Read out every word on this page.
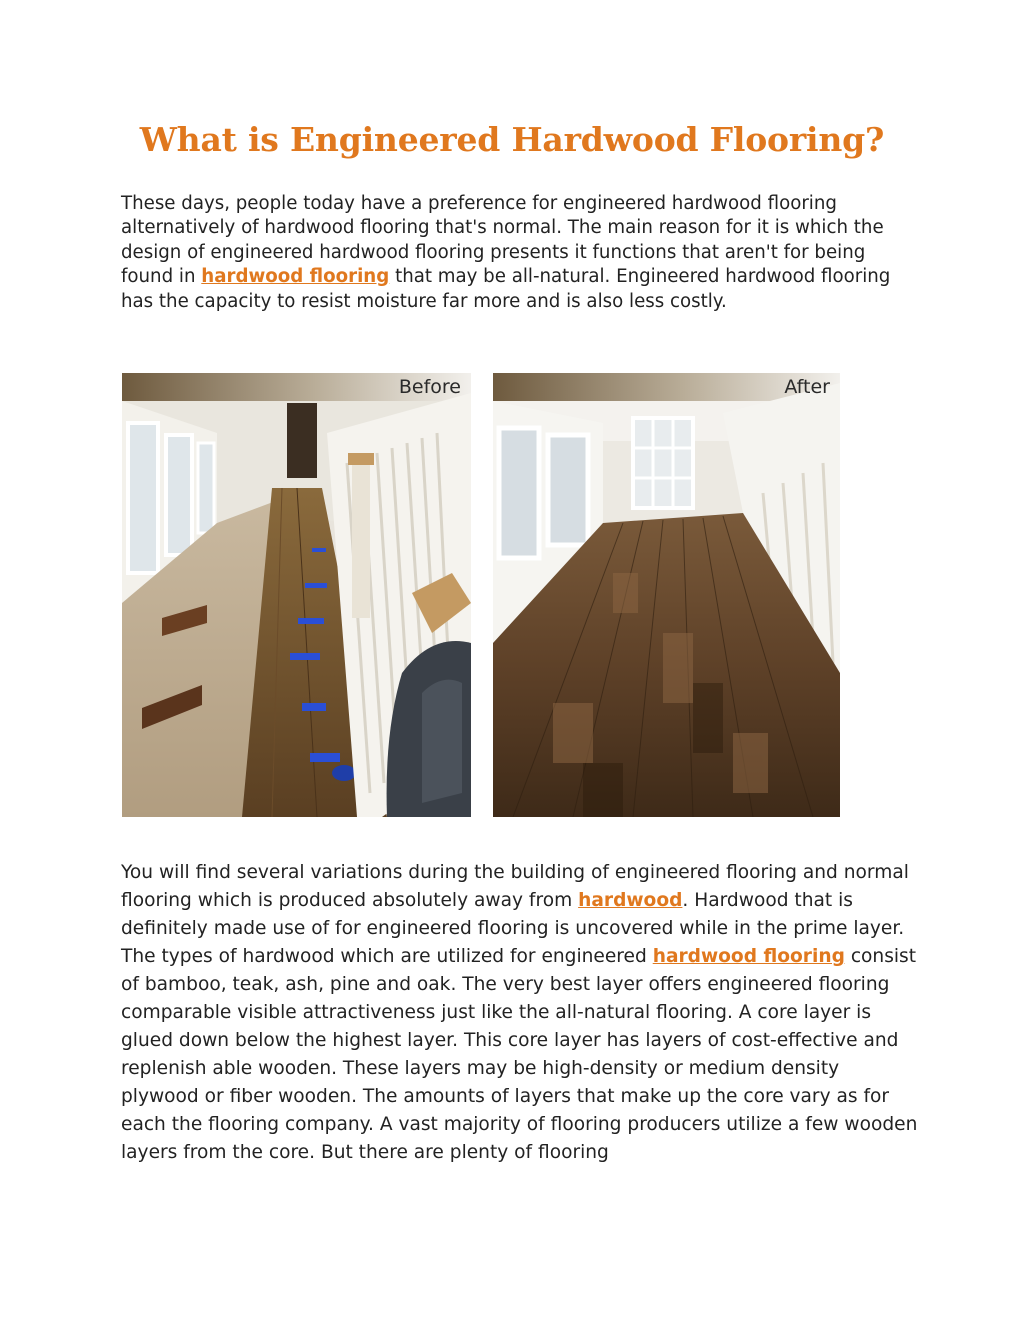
What is Engineered Hardwood Flooring?

These days, people today have a preference for engineered hardwood flooring alternatively of hardwood flooring that's normal. The main reason for it is which the design of engineered hardwood flooring presents it functions that aren't for being found in hardwood flooring that may be all-natural. Engineered hardwood flooring has the capacity to resist moisture far more and is also less costly.

Before	After

You will find several variations during the building of engineered flooring and normal flooring which is produced absolutely away from hardwood. Hardwood that is definitely made use of for engineered flooring is uncovered while in the prime layer. The types of hardwood which are utilized for engineered hardwood flooring consist of bamboo, teak, ash, pine and oak. The very best layer offers engineered flooring comparable visible attractiveness just like the all-natural flooring. A core layer is glued down below the highest layer. This core layer has layers of cost-effective and replenish able wooden. These layers may be high-density or medium density plywood or fiber wooden. The amounts of layers that make up the core vary as for each the flooring company. A vast majority of flooring producers utilize a few wooden layers from the core. But there are plenty of flooring
